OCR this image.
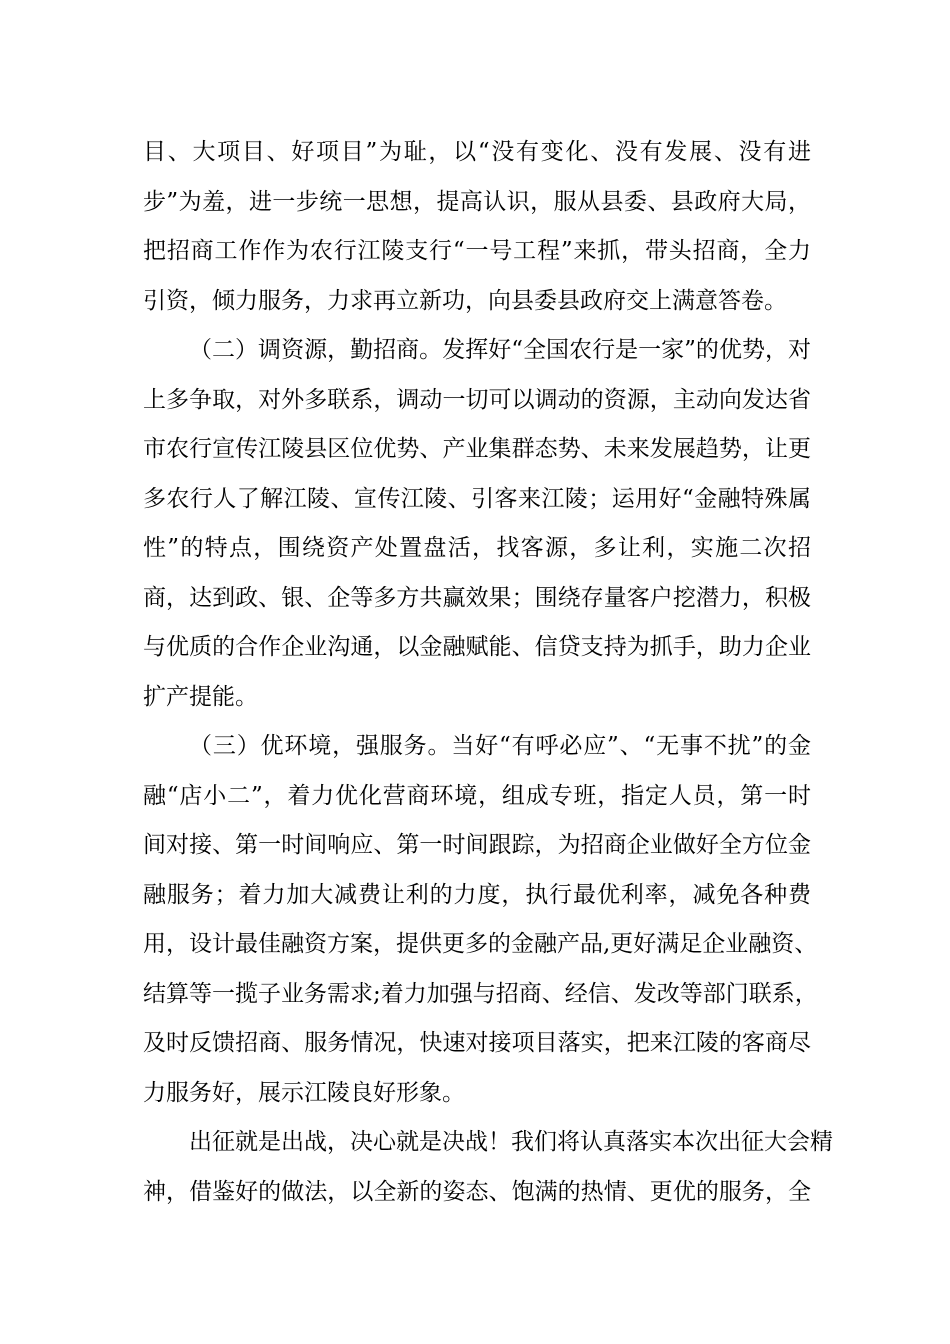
目、大项目、好项目”为耻，以“没有变化、没有发展、没有进
步”为羞，进一步统一思想，提高认识，服从县委、县政府大局，
把招商工作作为农行江陵支行“一号工程”来抓，带头招商，全力
引资，倾力服务，力求再立新功，向县委县政府交上满意答卷。
（二）调资源，勤招商。发挥好“全国农行是一家”的优势，对
上多争取，对外多联系，调动一切可以调动的资源，主动向发达省
市农行宣传江陵县区位优势、产业集群态势、未来发展趋势，让更
多农行人了解江陵、宣传江陵、引客来江陵；运用好“金融特殊属
性”的特点，围绕资产处置盘活，找客源，多让利，实施二次招
商，达到政、银、企等多方共赢效果；围绕存量客户挖潜力，积极
与优质的合作企业沟通，以金融赋能、信贷支持为抓手，助力企业
扩产提能。
（三）优环境，强服务。当好“有呼必应”、“无事不扰”的金
融“店小二”，着力优化营商环境，组成专班，指定人员，第一时
间对接、第一时间响应、第一时间跟踪，为招商企业做好全方位金
融服务；着力加大减费让利的力度，执行最优利率，减免各种费
用，设计最佳融资方案，提供更多的金融产品,更好满足企业融资、
结算等一揽子业务需求;着力加强与招商、经信、发改等部门联系，
及时反馈招商、服务情况，快速对接项目落实，把来江陵的客商尽
力服务好，展示江陵良好形象。
出征就是出战，决心就是决战！我们将认真落实本次出征大会精
神，借鉴好的做法，以全新的姿态、饱满的热情、更优的服务，全
